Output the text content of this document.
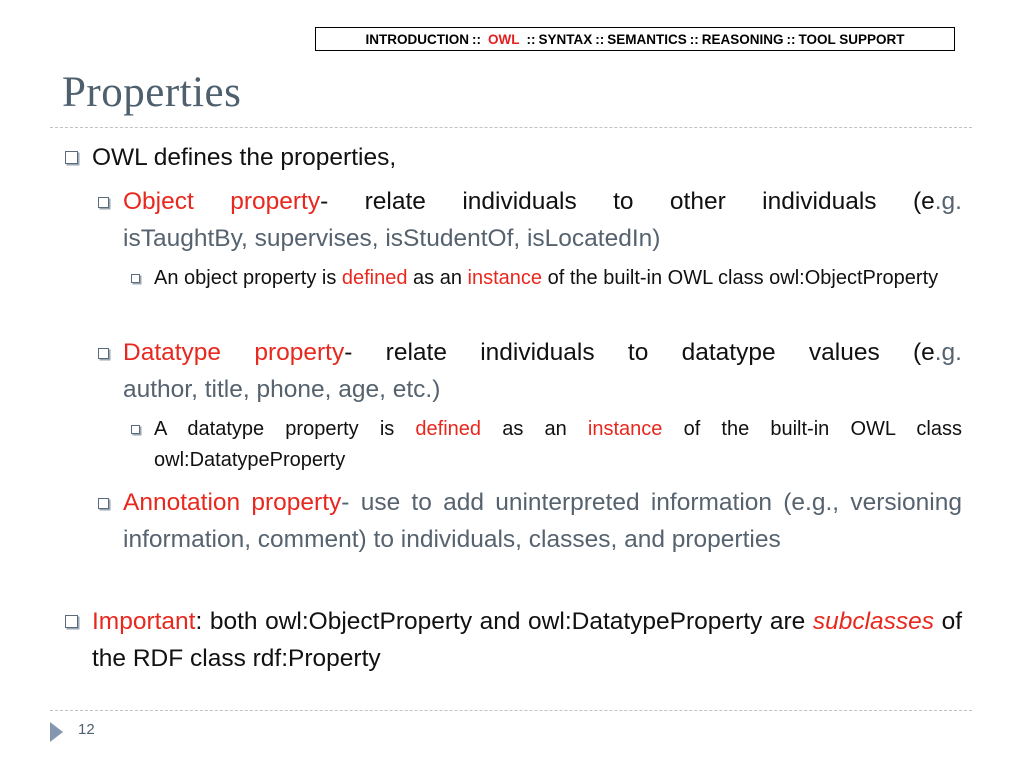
INTRODUCTION :: OWL :: SYNTAX :: SEMANTICS :: REASONING :: TOOL SUPPORT
Properties
OWL defines the properties,
Object property- relate individuals to other individuals (e.g.
isTaughtBy, supervises, isStudentOf, isLocatedIn)
An object property is defined as an instance of the built-in OWL class owl:ObjectProperty
Datatype property- relate individuals to datatype values (e.g.
author, title, phone, age, etc.)
A datatype property is defined as an instance of the built-in OWL class owl:DatatypeProperty
Annotation property- use to add uninterpreted information (e.g., versioning information, comment) to individuals, classes, and properties
Important: both owl:ObjectProperty and owl:DatatypeProperty are subclasses of the RDF class rdf:Property
12
